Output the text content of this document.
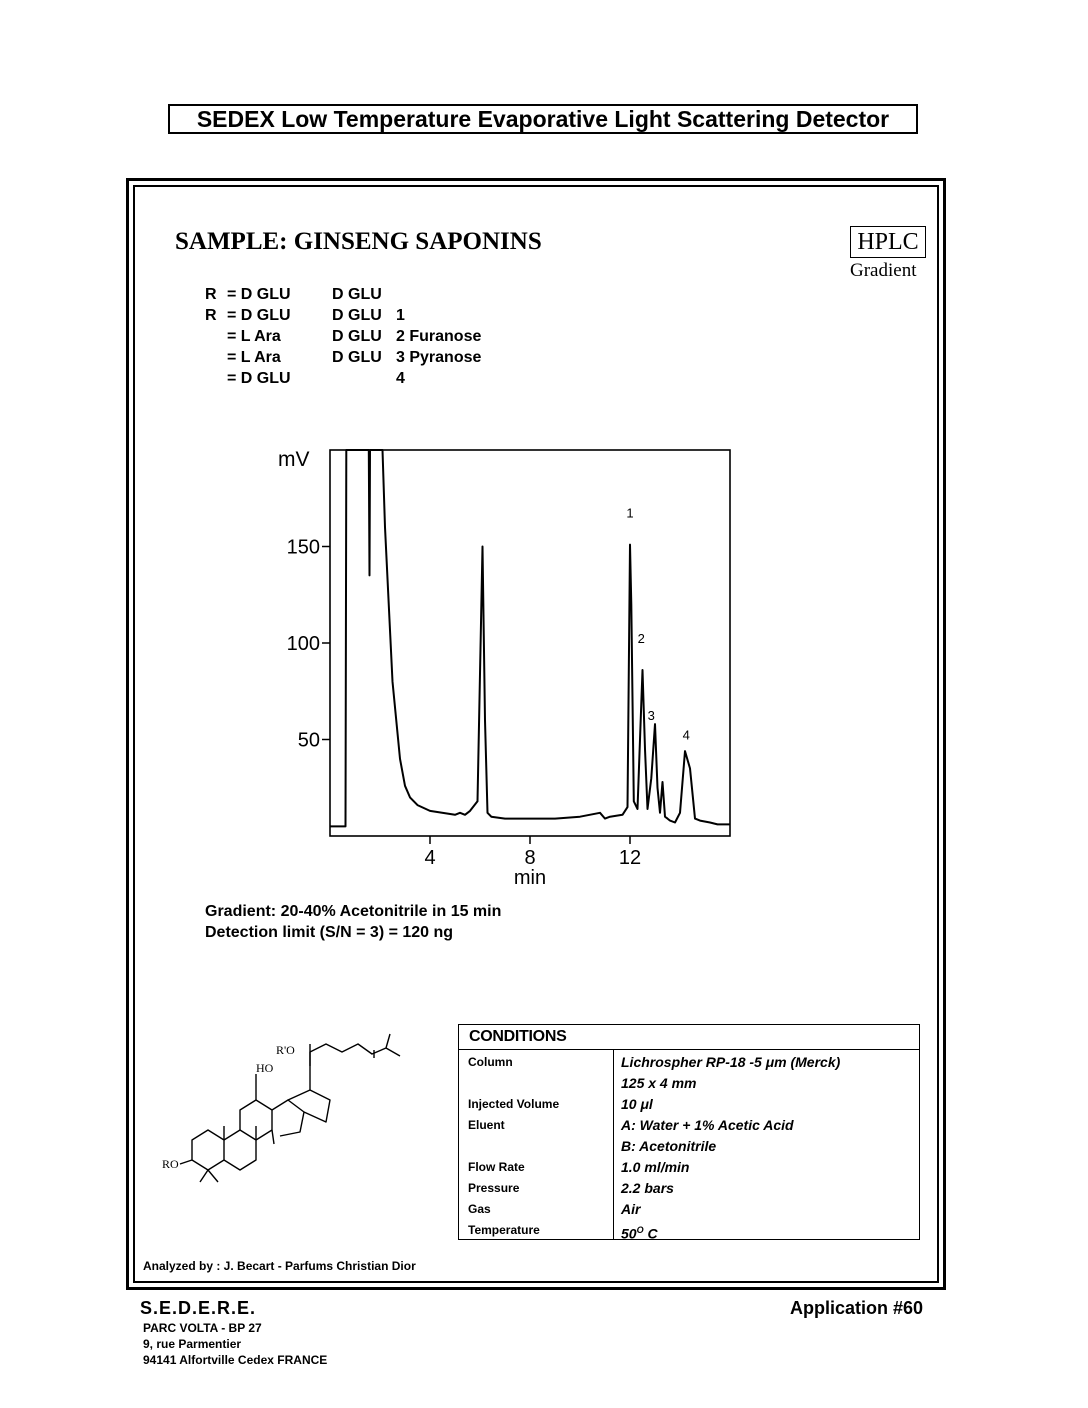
SEDEX Low Temperature Evaporative Light Scattering Detector
SAMPLE: GINSENG SAPONINS	HPLC
Gradient
R = D GLU	D GLU
R = D GLU	D GLU 1
= L Ara	D GLU 2 Furanose
= L Ara	D GLU 3 Pyranose
= D GLU	4
50
100
150
4	8	12
1
2
3
4
mV
min
Gradient: 20-40% Acetonitrile in 15 min
Detection limit (S/N = 3) = 120 ng
R'O
HO
RO
CONDITIONS
Column	Lichrospher RP-18 -5 μm (Merck)
125 x 4 mm
Injected Volume	10 μl
Eluent	A: Water + 1% Acetic Acid
B: Acetonitrile
Flow Rate	1.0 ml/min
Pressure	2.2 bars
Gas	Air
Temperature	$50^O$ C
Analyzed by : J. Becart - Parfums Christian Dior
S.E.D.E.R.E.
PARC VOLTA - BP 27
9, rue Parmentier
94141 Alfortville Cedex FRANCE
Application #60
